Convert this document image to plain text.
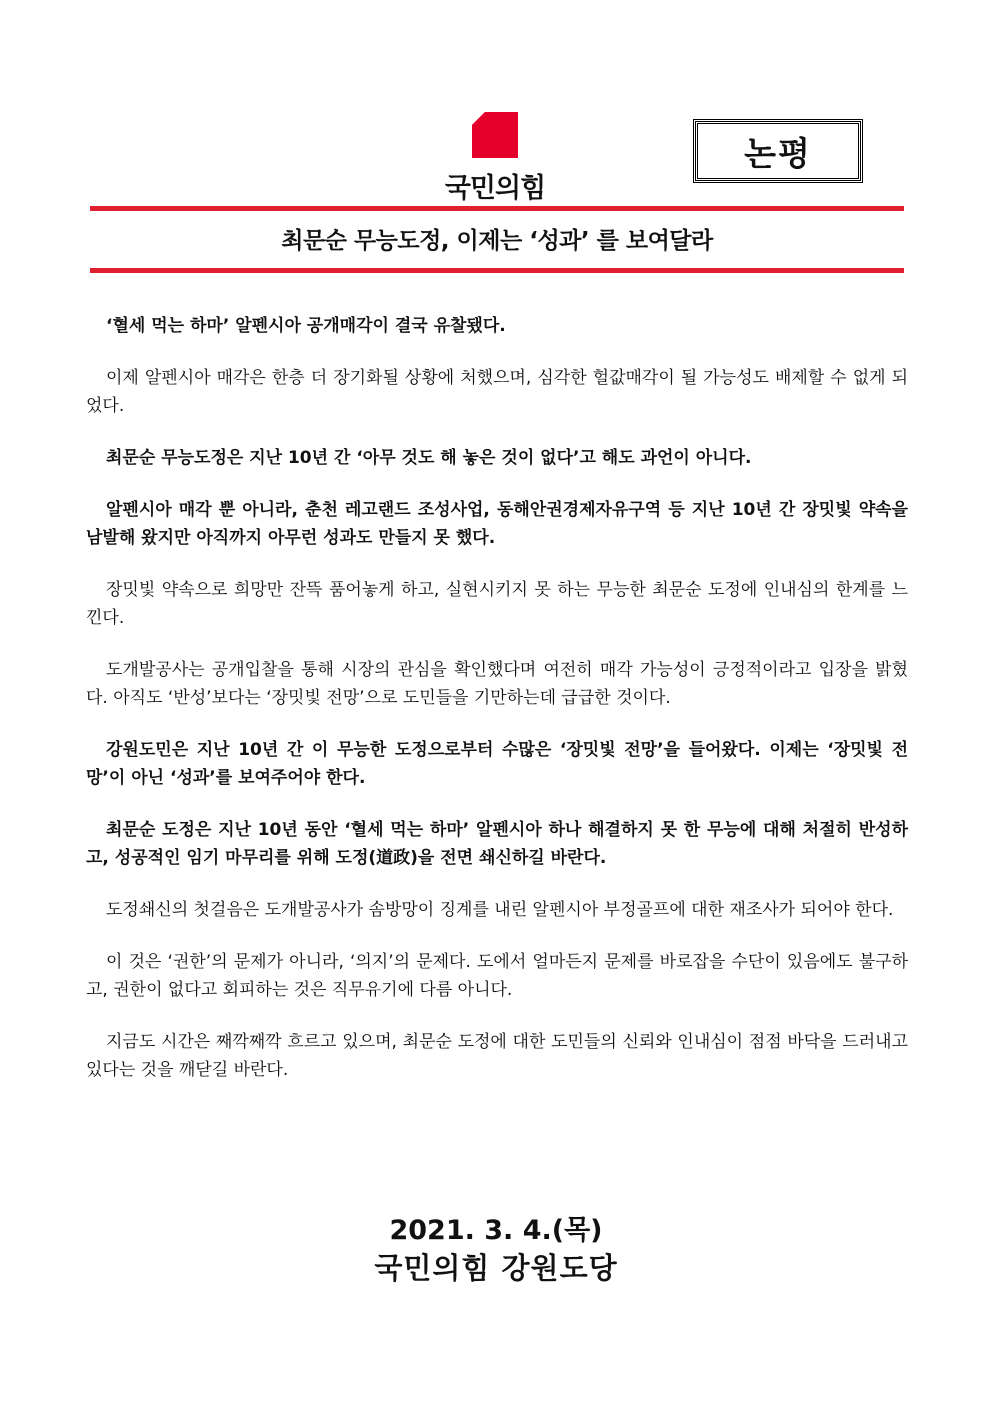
국민의힘
논평
최문순 무능도정, 이제는 ‘성과’ 를 보여달라

‘혈세 먹는 하마’ 알펜시아 공개매각이 결국 유찰됐다.

이제 알펜시아 매각은 한층 더 장기화될 상황에 처했으며, 심각한 헐값매각이 될 가능성도 배제할 수 없게 되었다.

최문순 무능도정은 지난 10년 간 ‘아무 것도 해 놓은 것이 없다’고 해도 과언이 아니다.

알펜시아 매각 뿐 아니라, 춘천 레고랜드 조성사업, 동해안권경제자유구역 등 지난 10년 간 장밋빛 약속을 남발해 왔지만 아직까지 아무런 성과도 만들지 못 했다.

장밋빛 약속으로 희망만 잔뜩 품어놓게 하고, 실현시키지 못 하는 무능한 최문순 도정에 인내심의 한계를 느낀다.

도개발공사는 공개입찰을 통해 시장의 관심을 확인했다며 여전히 매각 가능성이 긍정적이라고 입장을 밝혔다. 아직도 ‘반성’보다는 ‘장밋빛 전망’으로 도민들을 기만하는데 급급한 것이다.

강원도민은 지난 10년 간 이 무능한 도정으로부터 수많은 ‘장밋빛 전망’을 들어왔다. 이제는 ‘장밋빛 전망’이 아닌 ‘성과’를 보여주어야 한다.

최문순 도정은 지난 10년 동안 ‘혈세 먹는 하마’ 알펜시아 하나 해결하지 못 한 무능에 대해 처절히 반성하고, 성공적인 임기 마무리를 위해 도정(道政)을 전면 쇄신하길 바란다.

도정쇄신의 첫걸음은 도개발공사가 솜방망이 징계를 내린 알펜시아 부정골프에 대한 재조사가 되어야 한다.

이 것은 ‘권한’의 문제가 아니라, ‘의지’의 문제다. 도에서 얼마든지 문제를 바로잡을 수단이 있음에도 불구하고, 권한이 없다고 회피하는 것은 직무유기에 다름 아니다.

지금도 시간은 째깍째깍 흐르고 있으며, 최문순 도정에 대한 도민들의 신뢰와 인내심이 점점 바닥을 드러내고 있다는 것을 깨닫길 바란다.

2021. 3. 4.(목)
국민의힘 강원도당
